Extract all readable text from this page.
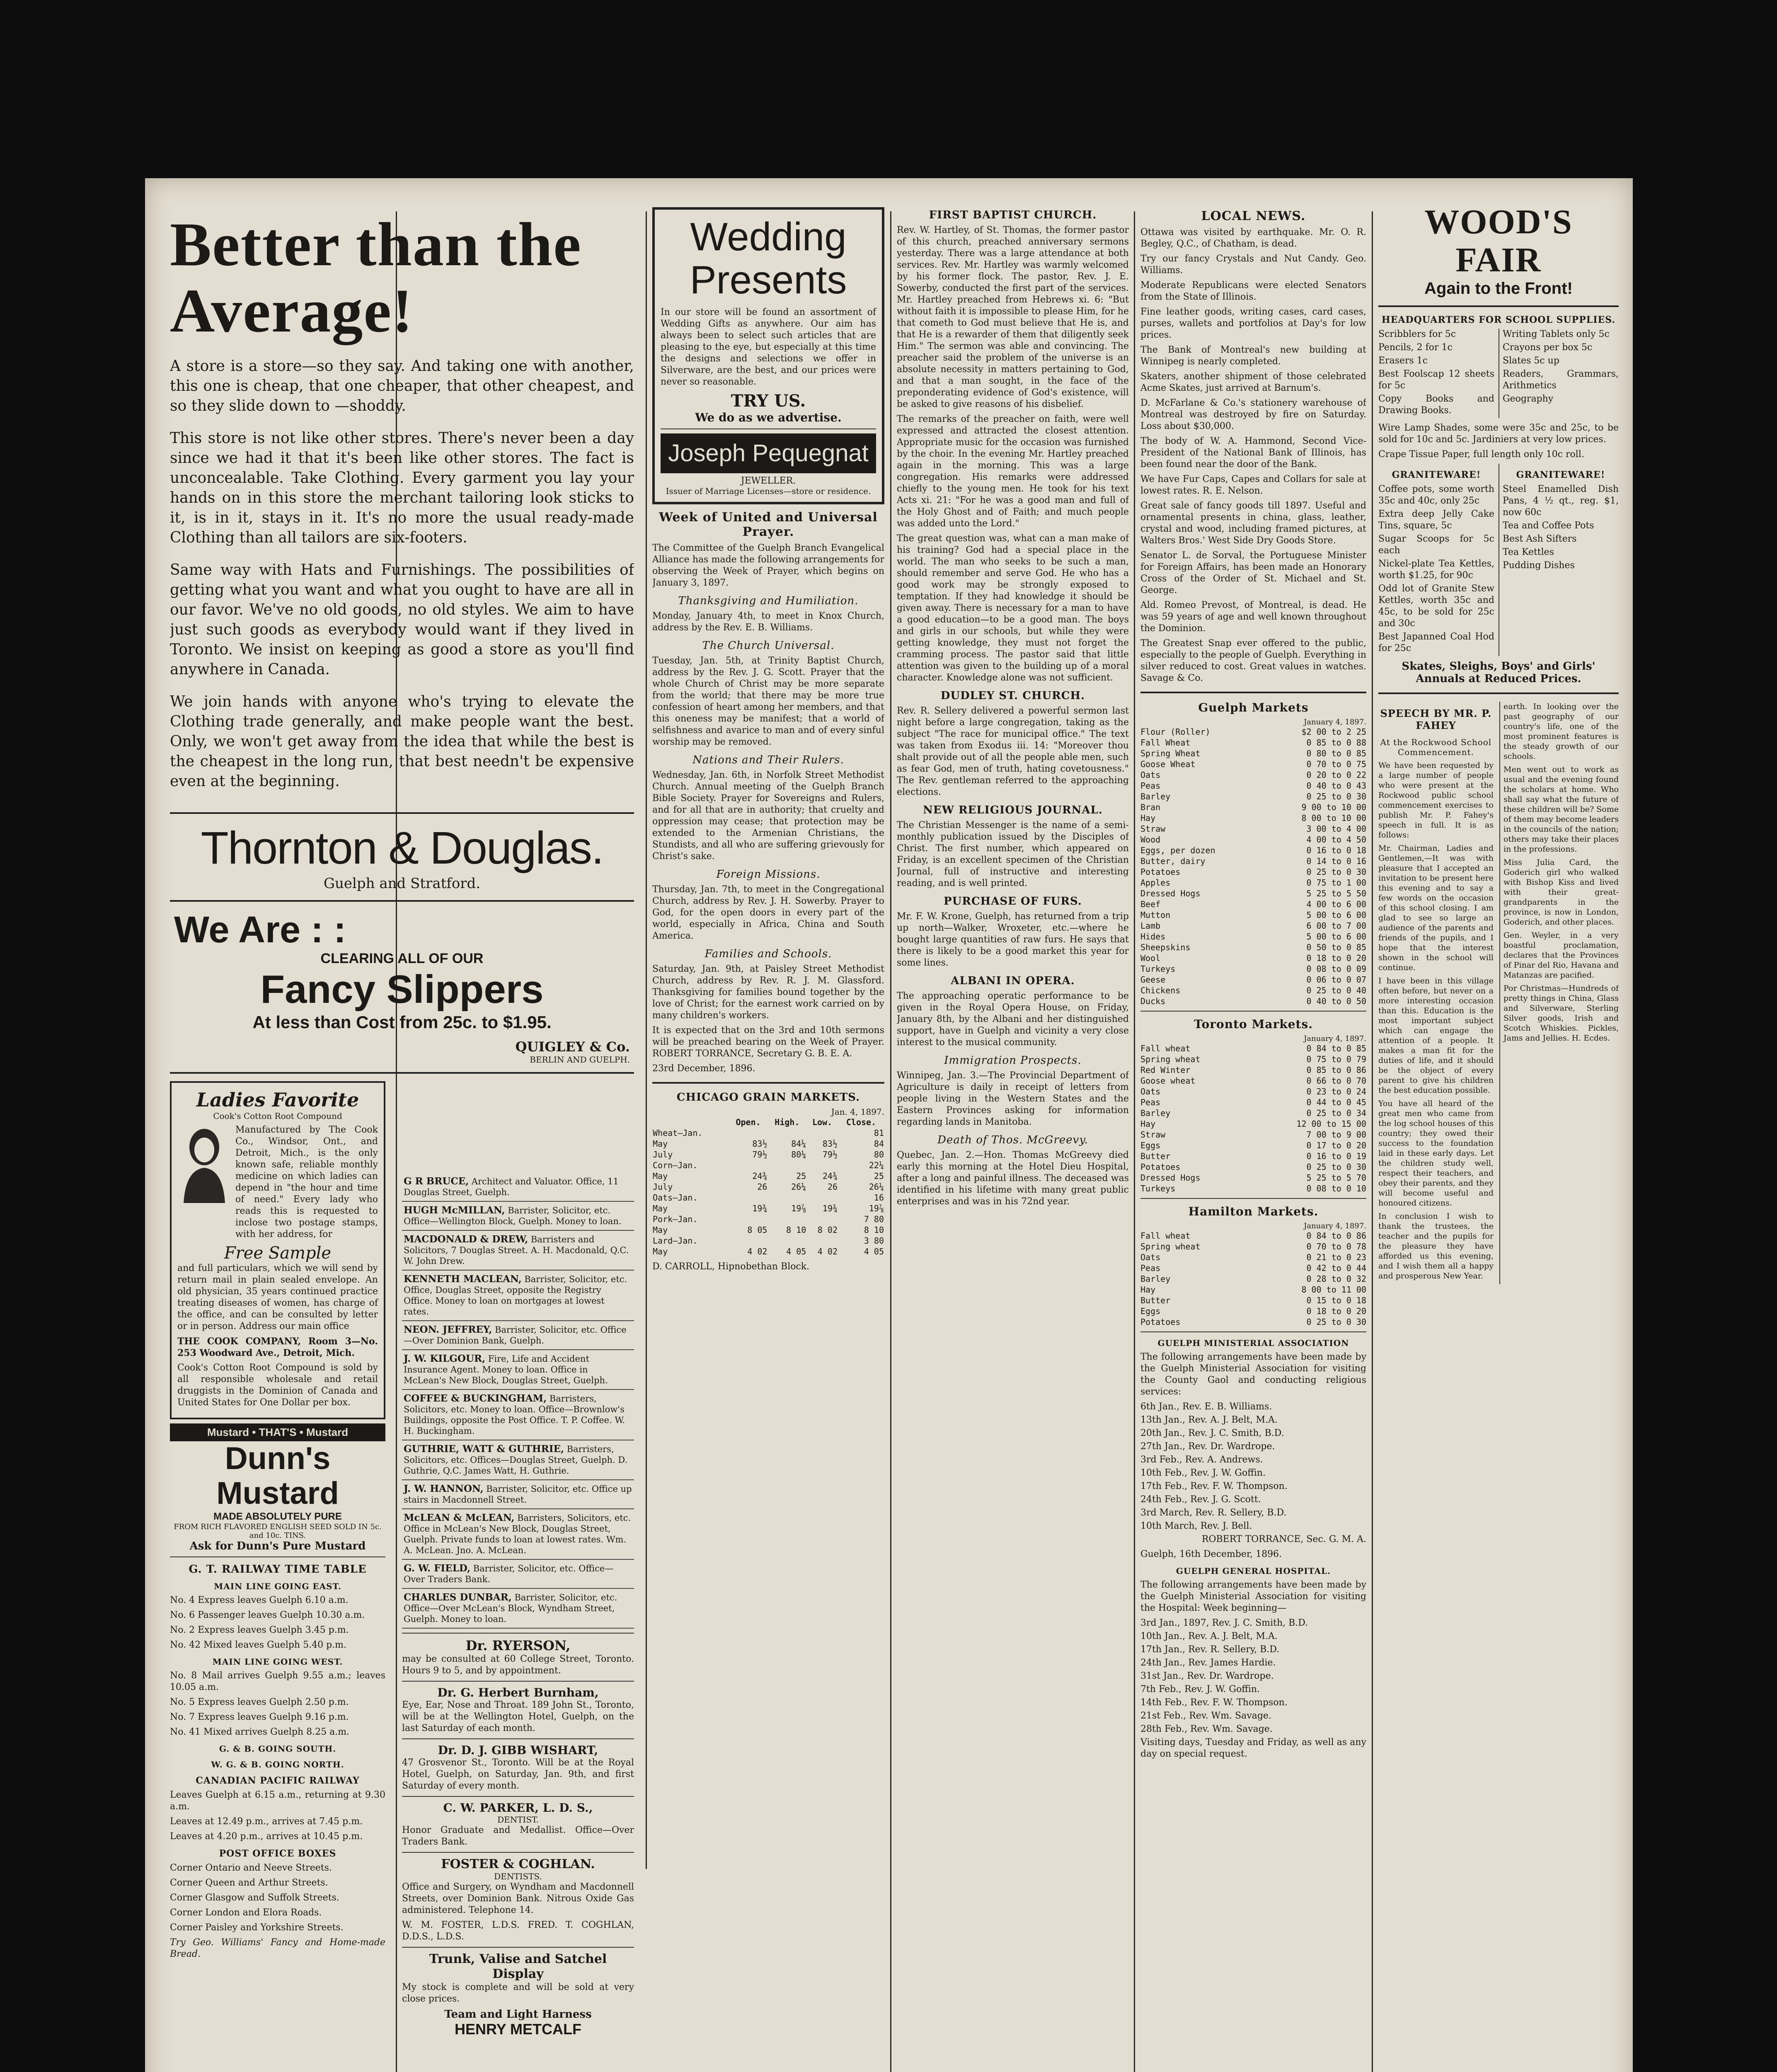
Better than the Average!

A store is a store—so they say. And taking one with another, this one is cheap, that one cheaper, that other cheapest, and so they slide down to —shoddy.

This store is not like other stores. There's never been a day since we had it that it's been like other stores. The fact is unconcealable. Take Clothing. Every garment you lay your hands on in this store the merchant tailoring look sticks to it, is in it, stays in it. It's no more the usual ready-made Clothing than all tailors are six-footers.

Same way with Hats and Furnishings. The possibilities of getting what you want and what you ought to have are all in our favor. We've no old goods, no old styles. We aim to have just such goods as everybody would want if they lived in Toronto. We insist on keeping as good a store as you'll find anywhere in Canada.

We join hands with anyone who's trying to elevate the Clothing trade generally, and make people want the best. Only, we won't get away from the idea that while the best is the cheapest in the long run, that best needn't be expensive even at the beginning.

Thornton & Douglas.
Guelph and Stratford.
We Are : :
CLEARING ALL OF OUR
Fancy Slippers
At less than Cost from 25c. to $1.95.
QUIGLEY & Co.
BERLIN AND GUELPH.
Ladies Favorite
Cook's Cotton Root Compound

Manufactured by The Cook Co., Windsor, Ont., and Detroit, Mich., is the only known safe, reliable monthly medicine on which ladies can depend in "the hour and time of need." Every lady who reads this is requested to inclose two postage stamps, with her address, for

Free Sample

and full particulars, which we will send by return mail in plain sealed envelope. An old physician, 35 years continued practice treating diseases of women, has charge of the office, and can be consulted by letter or in person. Address our main office

THE COOK COMPANY, Room 3—No. 253 Woodward Ave., Detroit, Mich.

Cook's Cotton Root Compound is sold by all responsible wholesale and retail druggists in the Dominion of Canada and United States for One Dollar per box.

Mustard • THAT'S • Mustard
Dunn's Mustard
MADE ABSOLUTELY PURE
FROM RICH FLAVORED ENGLISH SEED SOLD IN 5c. and 10c. TINS.
Ask for Dunn's Pure Mustard
G. T. RAILWAY TIME TABLE
MAIN LINE GOING EAST.

No. 4 Express leaves Guelph 6.10 a.m.

No. 6 Passenger leaves Guelph 10.30 a.m.

No. 2 Express leaves Guelph 3.45 p.m.

No. 42 Mixed leaves Guelph 5.40 p.m.

MAIN LINE GOING WEST.

No. 8 Mail arrives Guelph 9.55 a.m.; leaves 10.05 a.m.

No. 5 Express leaves Guelph 2.50 p.m.

No. 7 Express leaves Guelph 9.16 p.m.

No. 41 Mixed arrives Guelph 8.25 a.m.

G. & B. GOING SOUTH.
W. G. & B. GOING NORTH.
CANADIAN PACIFIC RAILWAY

Leaves Guelph at 6.15 a.m., returning at 9.30 a.m.

Leaves at 12.49 p.m., arrives at 7.45 p.m.

Leaves at 4.20 p.m., arrives at 10.45 p.m.

POST OFFICE BOXES

Corner Ontario and Neeve Streets.

Corner Queen and Arthur Streets.

Corner Glasgow and Suffolk Streets.

Corner London and Elora Roads.

Corner Paisley and Yorkshire Streets.

Try Geo. Williams' Fancy and Home-made Bread.

G R BRUCE, Architect and Valuator. Office, 11 Douglas Street, Guelph.
HUGH McMILLAN, Barrister, Solicitor, etc. Office—Wellington Block, Guelph. Money to loan.
MACDONALD & DREW, Barristers and Solicitors, 7 Douglas Street. A. H. Macdonald, Q.C. W. John Drew.
KENNETH MACLEAN, Barrister, Solicitor, etc. Office, Douglas Street, opposite the Registry Office. Money to loan on mortgages at lowest rates.
NEON. JEFFREY, Barrister, Solicitor, etc. Office—Over Dominion Bank, Guelph.
J. W. KILGOUR, Fire, Life and Accident Insurance Agent. Money to loan. Office in McLean's New Block, Douglas Street, Guelph.
COFFEE & BUCKINGHAM, Barristers, Solicitors, etc. Money to loan. Office—Brownlow's Buildings, opposite the Post Office. T. P. Coffee. W. H. Buckingham.
GUTHRIE, WATT & GUTHRIE, Barristers, Solicitors, etc. Offices—Douglas Street, Guelph. D. Guthrie, Q.C. James Watt, H. Guthrie.
J. W. HANNON, Barrister, Solicitor, etc. Office up stairs in Macdonnell Street.
McLEAN & McLEAN, Barristers, Solicitors, etc. Office in McLean's New Block, Douglas Street, Guelph. Private funds to loan at lowest rates. Wm. A. McLean. Jno. A. McLean.
G. W. FIELD, Barrister, Solicitor, etc. Office—Over Traders Bank.
CHARLES DUNBAR, Barrister, Solicitor, etc. Office—Over McLean's Block, Wyndham Street, Guelph. Money to loan.
Dr. RYERSON,

may be consulted at 60 College Street, Toronto. Hours 9 to 5, and by appointment.

Dr. G. Herbert Burnham,

Eye, Ear, Nose and Throat. 189 John St., Toronto, will be at the Wellington Hotel, Guelph, on the last Saturday of each month.

Dr. D. J. GIBB WISHART,

47 Grosvenor St., Toronto. Will be at the Royal Hotel, Guelph, on Saturday, Jan. 9th, and first Saturday of every month.

C. W. PARKER, L. D. S.,
DENTIST.

Honor Graduate and Medallist. Office—Over Traders Bank.

FOSTER & COGHLAN.
DENTISTS.

Office and Surgery, on Wyndham and Macdonnell Streets, over Dominion Bank. Nitrous Oxide Gas administered. Telephone 14.

W. M. FOSTER, L.D.S. FRED. T. COGHLAN, D.D.S., L.D.S.

Trunk, Valise and Satchel Display

My stock is complete and will be sold at very close prices.

Team and Light Harness
HENRY METCALF
Wedding Presents

In our store will be found an assortment of Wedding Gifts as anywhere. Our aim has always been to select such articles that are pleasing to the eye, but especially at this time the designs and selections we offer in Silverware, are the best, and our prices were never so reasonable.

TRY US.
We do as we advertise.
Joseph Pequegnat
JEWELLER.
Issuer of Marriage Licenses—store or residence.
Week of United and Universal Prayer.

The Committee of the Guelph Branch Evangelical Alliance has made the following arrangements for observing the Week of Prayer, which begins on January 3, 1897.

Thanksgiving and Humiliation.

Monday, January 4th, to meet in Knox Church, address by the Rev. E. B. Williams.

The Church Universal.

Tuesday, Jan. 5th, at Trinity Baptist Church, address by the Rev. J. G. Scott. Prayer that the whole Church of Christ may be more separate from the world; that there may be more true confession of heart among her members, and that this oneness may be manifest; that a world of selfishness and avarice to man and of every sinful worship may be removed.

Nations and Their Rulers.

Wednesday, Jan. 6th, in Norfolk Street Methodist Church. Annual meeting of the Guelph Branch Bible Society. Prayer for Sovereigns and Rulers, and for all that are in authority; that cruelty and oppression may cease; that protection may be extended to the Armenian Christians, the Stundists, and all who are suffering grievously for Christ's sake.

Foreign Missions.

Thursday, Jan. 7th, to meet in the Congregational Church, address by Rev. J. H. Sowerby. Prayer to God, for the open doors in every part of the world, especially in Africa, China and South America.

Families and Schools.

Saturday, Jan. 9th, at Paisley Street Methodist Church, address by Rev. R. J. M. Glassford. Thanksgiving for families bound together by the love of Christ; for the earnest work carried on by many children's workers.

It is expected that on the 3rd and 10th sermons will be preached bearing on the Week of Prayer. ROBERT TORRANCE, Secretary G. B. E. A.

23rd December, 1896.

CHICAGO GRAIN MARKETS.
Jan. 4, 1897.
	Open.	High.	Low.	Close.
Wheat—Jan.				81
May	83½	84¼	83½	84
July	79½	80¼	79½	80
Corn—Jan.				22¼
May	24¾	25	24¾	25
July	26	26¼	26	26¼
Oats—Jan.				16
May	19¾	19⅞	19¾	19⅞
Pork—Jan.				7 80
May	8 05	8 10	8 02	8 10
Lard—Jan.				3 80
May	4 02	4 05	4 02	4 05

D. CARROLL, Hipnobethan Block.

FIRST BAPTIST CHURCH.

Rev. W. Hartley, of St. Thomas, the former pastor of this church, preached anniversary sermons yesterday. There was a large attendance at both services. Rev. Mr. Hartley was warmly welcomed by his former flock. The pastor, Rev. J. E. Sowerby, conducted the first part of the services. Mr. Hartley preached from Hebrews xi. 6: "But without faith it is impossible to please Him, for he that cometh to God must believe that He is, and that He is a rewarder of them that diligently seek Him." The sermon was able and convincing. The preacher said the problem of the universe is an absolute necessity in matters pertaining to God, and that a man sought, in the face of the preponderating evidence of God's existence, will be asked to give reasons of his disbelief.

The remarks of the preacher on faith, were well expressed and attracted the closest attention. Appropriate music for the occasion was furnished by the choir. In the evening Mr. Hartley preached again in the morning. This was a large congregation. His remarks were addressed chiefly to the young men. He took for his text Acts xi. 21: "For he was a good man and full of the Holy Ghost and of Faith; and much people was added unto the Lord."

The great question was, what can a man make of his training? God had a special place in the world. The man who seeks to be such a man, should remember and serve God. He who has a good work may be strongly exposed to temptation. If they had knowledge it should be given away. There is necessary for a man to have a good education—to be a good man. The boys and girls in our schools, but while they were getting knowledge, they must not forget the cramming process. The pastor said that little attention was given to the building up of a moral character. Knowledge alone was not sufficient.

DUDLEY ST. CHURCH.

Rev. R. Sellery delivered a powerful sermon last night before a large congregation, taking as the subject "The race for municipal office." The text was taken from Exodus iii. 14: "Moreover thou shalt provide out of all the people able men, such as fear God, men of truth, hating covetousness." The Rev. gentleman referred to the approaching elections.

NEW RELIGIOUS JOURNAL.

The Christian Messenger is the name of a semi-monthly publication issued by the Disciples of Christ. The first number, which appeared on Friday, is an excellent specimen of the Christian Journal, full of instructive and interesting reading, and is well printed.

PURCHASE OF FURS.

Mr. F. W. Krone, Guelph, has returned from a trip up north—Walker, Wroxeter, etc.—where he bought large quantities of raw furs. He says that there is likely to be a good market this year for some lines.

ALBANI IN OPERA.

The approaching operatic performance to be given in the Royal Opera House, on Friday, January 8th, by the Albani and her distinguished support, have in Guelph and vicinity a very close interest to the musical community.

Immigration Prospects.

Winnipeg, Jan. 3.—The Provincial Department of Agriculture is daily in receipt of letters from people living in the Western States and the Eastern Provinces asking for information regarding lands in Manitoba.

Death of Thos. McGreevy.

Quebec, Jan. 2.—Hon. Thomas McGreevy died early this morning at the Hotel Dieu Hospital, after a long and painful illness. The deceased was identified in his lifetime with many great public enterprises and was in his 72nd year.

LOCAL NEWS.

Ottawa was visited by earthquake. Mr. O. R. Begley, Q.C., of Chatham, is dead.

Try our fancy Crystals and Nut Candy. Geo. Williams.

Moderate Republicans were elected Senators from the State of Illinois.

Fine leather goods, writing cases, card cases, purses, wallets and portfolios at Day's for low prices.

The Bank of Montreal's new building at Winnipeg is nearly completed.

Skaters, another shipment of those celebrated Acme Skates, just arrived at Barnum's.

D. McFarlane & Co.'s stationery warehouse of Montreal was destroyed by fire on Saturday. Loss about $30,000.

The body of W. A. Hammond, Second Vice-President of the National Bank of Illinois, has been found near the door of the Bank.

We have Fur Caps, Capes and Collars for sale at lowest rates. R. E. Nelson.

Great sale of fancy goods till 1897. Useful and ornamental presents in china, glass, leather, crystal and wood, including framed pictures, at Walters Bros.' West Side Dry Goods Store.

Senator L. de Sorval, the Portuguese Minister for Foreign Affairs, has been made an Honorary Cross of the Order of St. Michael and St. George.

Ald. Romeo Prevost, of Montreal, is dead. He was 59 years of age and well known throughout the Dominion.

The Greatest Snap ever offered to the public, especially to the people of Guelph. Everything in silver reduced to cost. Great values in watches. Savage & Co.

Guelph Markets
January 4, 1897.
Flour (Roller)	$2 00 to 2 25
Fall Wheat	0 85 to 0 88
Spring Wheat	0 80 to 0 85
Goose Wheat	0 70 to 0 75
Oats	0 20 to 0 22
Peas	0 40 to 0 43
Barley	0 25 to 0 30
Bran	9 00 to 10 00
Hay	8 00 to 10 00
Straw	3 00 to 4 00
Wood	4 00 to 4 50
Eggs, per dozen	0 16 to 0 18
Butter, dairy	0 14 to 0 16
Potatoes	0 25 to 0 30
Apples	0 75 to 1 00
Dressed Hogs	5 25 to 5 50
Beef	4 00 to 6 00
Mutton	5 00 to 6 00
Lamb	6 00 to 7 00
Hides	5 00 to 6 00
Sheepskins	0 50 to 0 85
Wool	0 18 to 0 20
Turkeys	0 08 to 0 09
Geese	0 06 to 0 07
Chickens	0 25 to 0 40
Ducks	0 40 to 0 50
Toronto Markets.
January 4, 1897.
Fall wheat	0 84 to 0 85
Spring wheat	0 75 to 0 79
Red Winter	0 85 to 0 86
Goose wheat	0 66 to 0 70
Oats	0 23 to 0 24
Peas	0 44 to 0 45
Barley	0 25 to 0 34
Hay	12 00 to 15 00
Straw	7 00 to 9 00
Eggs	0 17 to 0 20
Butter	0 16 to 0 19
Potatoes	0 25 to 0 30
Dressed Hogs	5 25 to 5 70
Turkeys	0 08 to 0 10
Hamilton Markets.
January 4, 1897.
Fall wheat	0 84 to 0 86
Spring wheat	0 70 to 0 78
Oats	0 21 to 0 23
Peas	0 42 to 0 44
Barley	0 28 to 0 32
Hay	8 00 to 11 00
Butter	0 15 to 0 18
Eggs	0 18 to 0 20
Potatoes	0 25 to 0 30
GUELPH MINISTERIAL ASSOCIATION

The following arrangements have been made by the Guelph Ministerial Association for visiting the County Gaol and conducting religious services:

6th Jan., Rev. E. B. Williams.

13th Jan., Rev. A. J. Belt, M.A.

20th Jan., Rev. J. C. Smith, B.D.

27th Jan., Rev. Dr. Wardrope.

3rd Feb., Rev. A. Andrews.

10th Feb., Rev. J. W. Goffin.

17th Feb., Rev. F. W. Thompson.

24th Feb., Rev. J. G. Scott.

3rd March, Rev. R. Sellery, B.D.

10th March, Rev. J. Bell.

ROBERT TORRANCE, Sec. G. M. A.

Guelph, 16th December, 1896.

GUELPH GENERAL HOSPITAL.

The following arrangements have been made by the Guelph Ministerial Association for visiting the Hospital: Week beginning—

3rd Jan., 1897, Rev. J. C. Smith, B.D.

10th Jan., Rev. A. J. Belt, M.A.

17th Jan., Rev. R. Sellery, B.D.

24th Jan., Rev. James Hardie.

31st Jan., Rev. Dr. Wardrope.

7th Feb., Rev. J. W. Goffin.

14th Feb., Rev. F. W. Thompson.

21st Feb., Rev. Wm. Savage.

28th Feb., Rev. Wm. Savage.

Visiting days, Tuesday and Friday, as well as any day on special request.

WOOD'S FAIR
Again to the Front!
HEADQUARTERS FOR SCHOOL SUPPLIES.

Scribblers for 5c

Pencils, 2 for 1c

Erasers 1c

Best Foolscap 12 sheets for 5c

Copy Books and Drawing Books.

Writing Tablets only 5c

Crayons per box 5c

Slates 5c up

Readers, Grammars, Arithmetics

Geography

Wire Lamp Shades, some were 35c and 25c, to be sold for 10c and 5c. Jardiniers at very low prices.

Crape Tissue Paper, full length only 10c roll.

GRANITEWARE!

Coffee pots, some worth 35c and 40c, only 25c

Extra deep Jelly Cake Tins, square, 5c

Sugar Scoops for 5c each

Nickel-plate Tea Kettles, worth $1.25, for 90c

Odd lot of Granite Stew Kettles, worth 35c and 45c, to be sold for 25c and 30c

Best Japanned Coal Hod for 25c

GRANITEWARE!

Steel Enamelled Dish Pans, 4 ½ qt., reg. $1, now 60c

Tea and Coffee Pots

Best Ash Sifters

Tea Kettles

Pudding Dishes

Skates, Sleighs, Boys' and Girls' Annuals at Reduced Prices.
SPEECH BY MR. P. FAHEY
At the Rockwood School Commencement.

We have been requested by a large number of people who were present at the Rockwood public school commencement exercises to publish Mr. P. Fahey's speech in full. It is as follows:

Mr. Chairman, Ladies and Gentlemen,—It was with pleasure that I accepted an invitation to be present here this evening and to say a few words on the occasion of this school closing. I am glad to see so large an audience of the parents and friends of the pupils, and I hope that the interest shown in the school will continue.

I have been in this village often before, but never on a more interesting occasion than this. Education is the most important subject which can engage the attention of a people. It makes a man fit for the duties of life, and it should be the object of every parent to give his children the best education possible.

You have all heard of the great men who came from the log school houses of this country; they owed their success to the foundation laid in these early days. Let the children study well, respect their teachers, and obey their parents, and they will become useful and honoured citizens.

In conclusion I wish to thank the trustees, the teacher and the pupils for the pleasure they have afforded us this evening, and I wish them all a happy and prosperous New Year.

earth. In looking over the past geography of our country's life, one of the most prominent features is the steady growth of our schools.

Men went out to work as usual and the evening found the scholars at home. Who shall say what the future of these children will be? Some of them may become leaders in the councils of the nation; others may take their places in the professions.

Miss Julia Card, the Goderich girl who walked with Bishop Kiss and lived with their great-grandparents in the province, is now in London, Goderich, and other places.

Gen. Weyler, in a very boastful proclamation, declares that the Provinces of Pinar del Rio, Havana and Matanzas are pacified.

Por Christmas—Hundreds of pretty things in China, Glass and Silverware, Sterling Silver goods, Irish and Scotch Whiskies. Pickles, Jams and Jellies. H. Ecdes.
